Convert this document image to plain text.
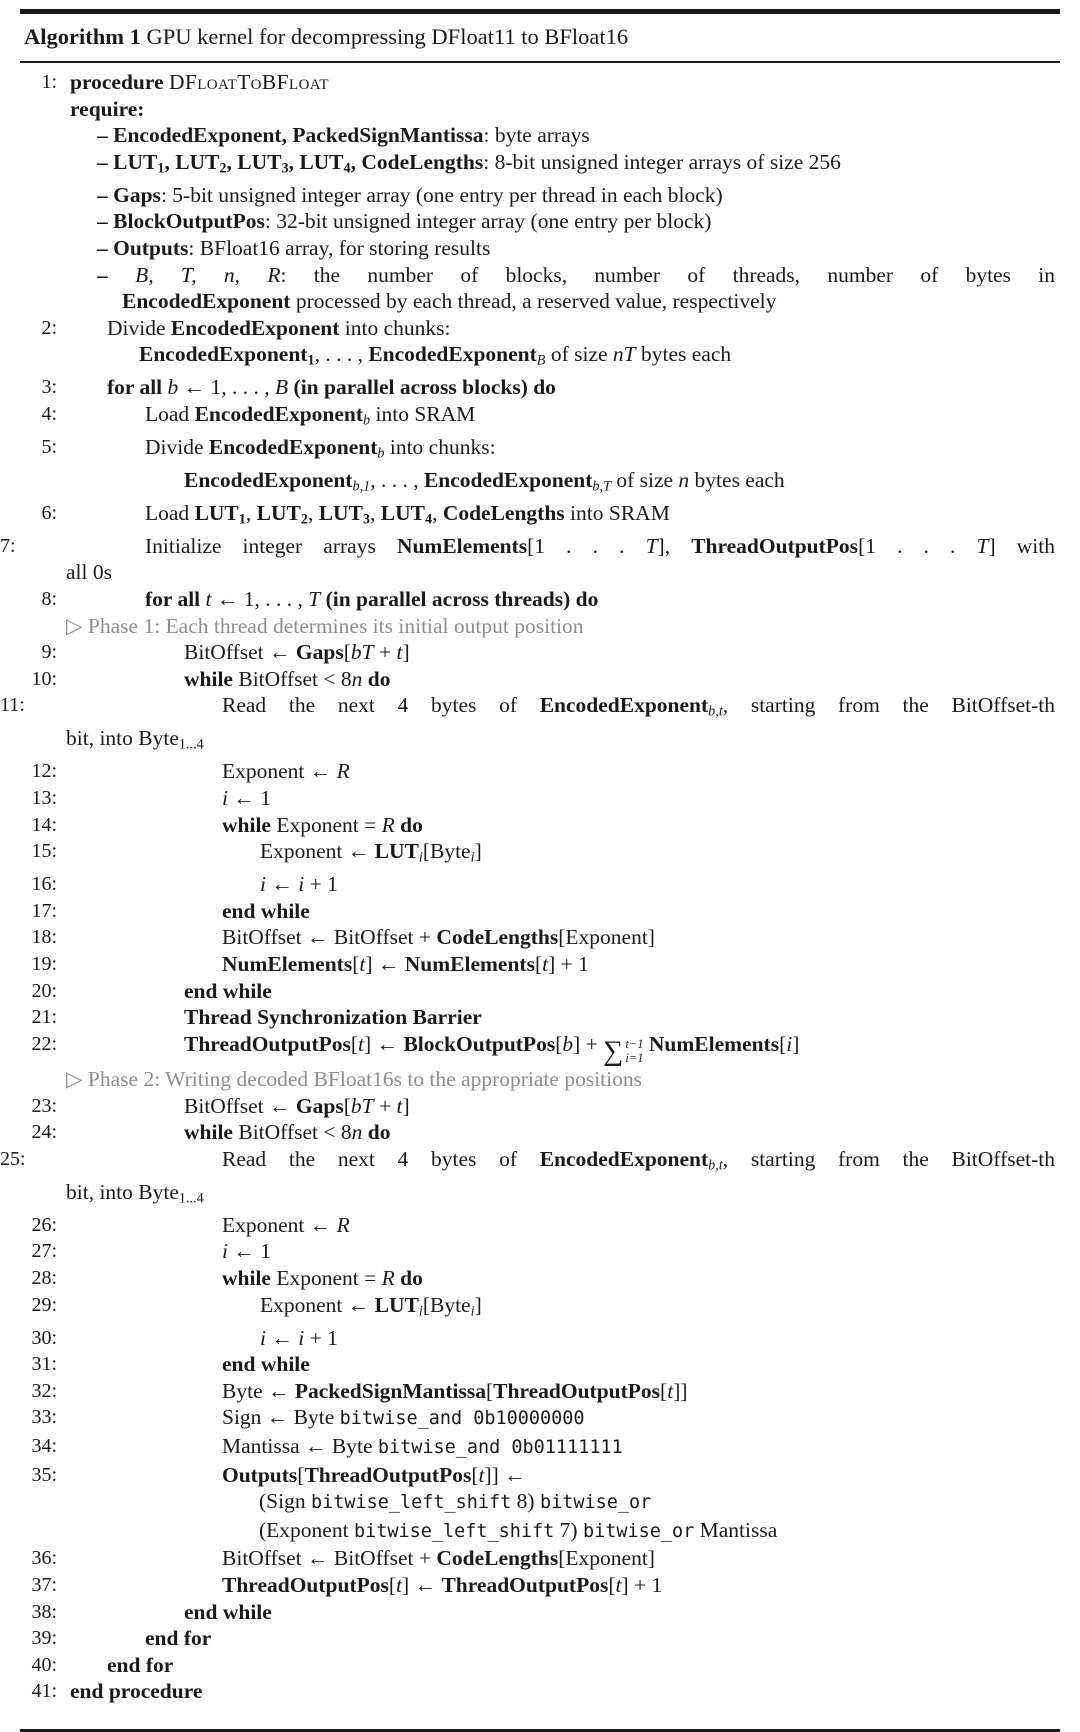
Algorithm 1 GPU kernel for decompressing DFloat11 to BFloat16
1: procedure DFloatToBFloat
require:
– EncodedExponent, PackedSignMantissa: byte arrays
– LUT1, LUT2, LUT3, LUT4, CodeLengths: 8-bit unsigned integer arrays of size 256
– Gaps: 5-bit unsigned integer array (one entry per thread in each block)
– BlockOutputPos: 32-bit unsigned integer array (one entry per block)
– Outputs: BFloat16 array, for storing results
– B, T, n, R: the number of blocks, number of threads, number of bytes in
EncodedExponent processed by each thread, a reserved value, respectively
2: Divide EncodedExponent into chunks:
EncodedExponent1, . . . , EncodedExponentB of size nT bytes each
3: for all b ← 1, . . . , B (in parallel across blocks) do
4:	Load EncodedExponentb into SRAM
5:	Divide EncodedExponentb into chunks:
EncodedExponentb,1, . . . , EncodedExponentb,T of size n bytes each
6:	Load LUT1, LUT2, LUT3, LUT4, CodeLengths into SRAM
7:	Initialize integer arrays NumElements[1 . . . T], ThreadOutputPos[1 . . . T] with
all 0s
8:	for all t ← 1, . . . , T (in parallel across threads) do
▷ Phase 1: Each thread determines its initial output position
9:	BitOffset ← Gaps[bT + t]
10:	while BitOffset < 8n do
11:	Read the next 4 bytes of EncodedExponentb,t, starting from the BitOffset-th
bit, into Byte1...4
12:	Exponent ← R
13:	i ← 1
14:	while Exponent = R do
15:	Exponent ← LUTi[Bytei]
16:	i ← i + 1
17:	end while
18:	BitOffset ← BitOffset + CodeLengths[Exponent]
19:	NumElements[t] ← NumElements[t] + 1
20:	end while
21:	Thread Synchronization Barrier
22:	ThreadOutputPos[t] ← BlockOutputPos[b] + ∑ t−1
i=1
NumElements[i]
▷ Phase 2: Writing decoded BFloat16s to the appropriate positions
23:	BitOffset ← Gaps[bT + t]
24:	while BitOffset < 8n do
25:	Read the next 4 bytes of EncodedExponentb,t, starting from the BitOffset-th
bit, into Byte1...4
26:	Exponent ← R
27:	i ← 1
28:	while Exponent = R do
29:	Exponent ← LUTi[Bytei]
30:	i ← i + 1
31:	end while
32:	Byte ← PackedSignMantissa[ThreadOutputPos[t]]
33:	Sign ← Byte bitwise_and 0b10000000
34:	Mantissa ← Byte bitwise_and 0b01111111
35:	Outputs[ThreadOutputPos[t]] ←
(Sign bitwise_left_shift 8) bitwise_or
(Exponent bitwise_left_shift 7) bitwise_or Mantissa
36:	BitOffset ← BitOffset + CodeLengths[Exponent]
37:	ThreadOutputPos[t] ← ThreadOutputPos[t] + 1
38:	end while
39:	end for
40: end for
41: end procedure
